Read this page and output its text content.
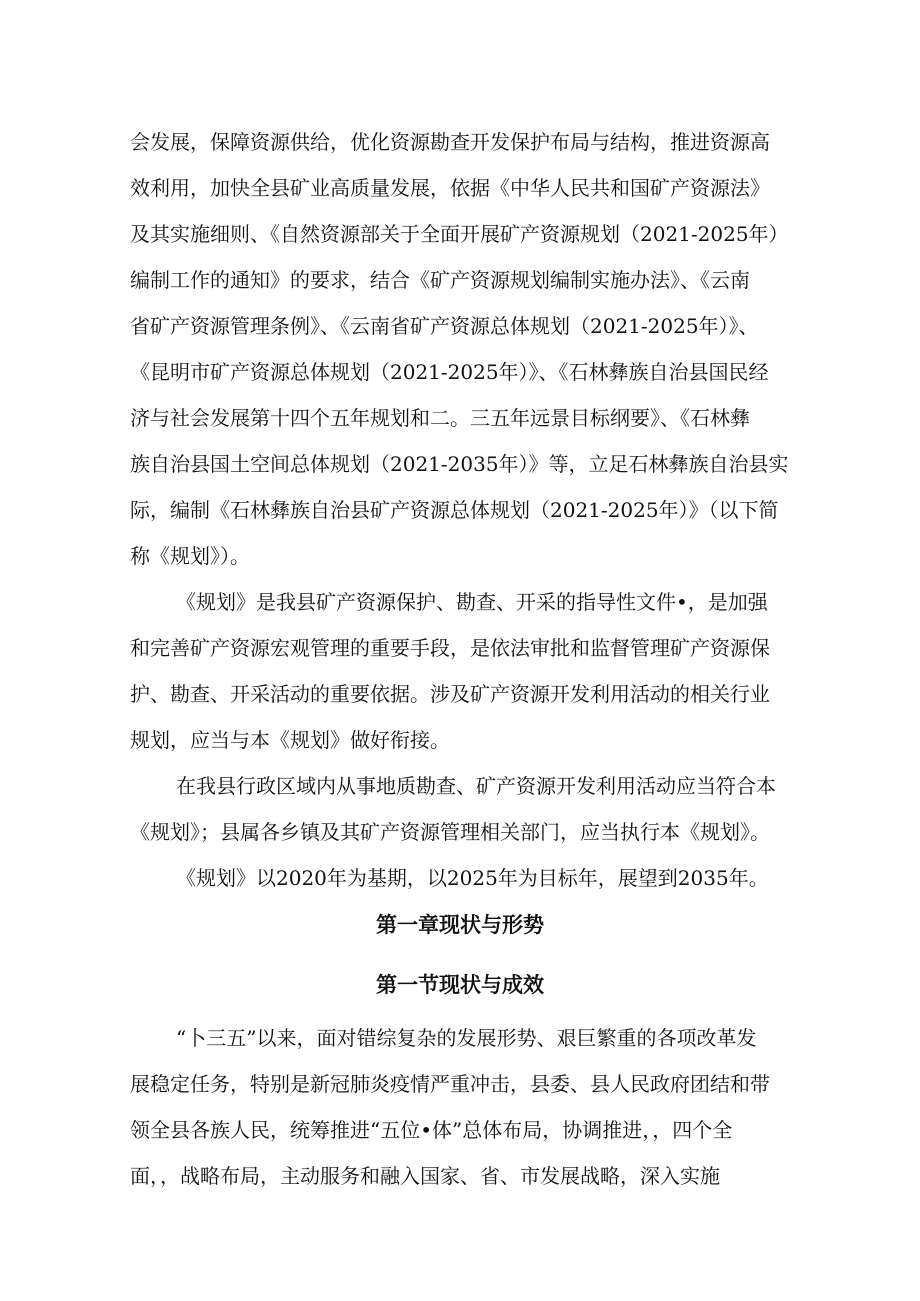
会发展，保障资源供给，优化资源勘查开发保护布局与结构，推进资源高
效利用，加快全县矿业高质量发展，依据《中华人民共和国矿产资源法》
及其实施细则、《自然资源部关于全面开展矿产资源规划（2021-2025年）
编制工作的通知》的要求，结合《矿产资源规划编制实施办法》、《云南
省矿产资源管理条例》、《云南省矿产资源总体规划（2021-2025年）》、
《昆明市矿产资源总体规划（2021-2025年）》、《石林彝族自治县国民经
济与社会发展第十四个五年规划和二。三五年远景目标纲要》、《石林彝
族自治县国土空间总体规划（2021-2035年）》等，立足石林彝族自治县实
际，编制《石林彝族自治县矿产资源总体规划（2021-2025年）》（以下简
称《规划》）。
《规划》是我县矿产资源保护、勘查、开采的指导性文件•，是加强
和完善矿产资源宏观管理的重要手段，是依法审批和监督管理矿产资源保
护、勘查、开采活动的重要依据。涉及矿产资源开发利用活动的相关行业
规划，应当与本《规划》做好衔接。
在我县行政区域内从事地质勘查、矿产资源开发利用活动应当符合本
《规划》；县属各乡镇及其矿产资源管理相关部门，应当执行本《规划》。
《规划》以2020年为基期，以2025年为目标年，展望到2035年。
第一章现状与形势
第一节现状与成效
“卜三五”以来，面对错综复杂的发展形势、艰巨繁重的各项改革发
展稳定任务，特别是新冠肺炎疫情严重冲击，县委、县人民政府团结和带
领全县各族人民，统筹推进“五位•体”总体布局，协调推进，，四个全
面，，战略布局，主动服务和融入国家、省、市发展战略，深入实施
